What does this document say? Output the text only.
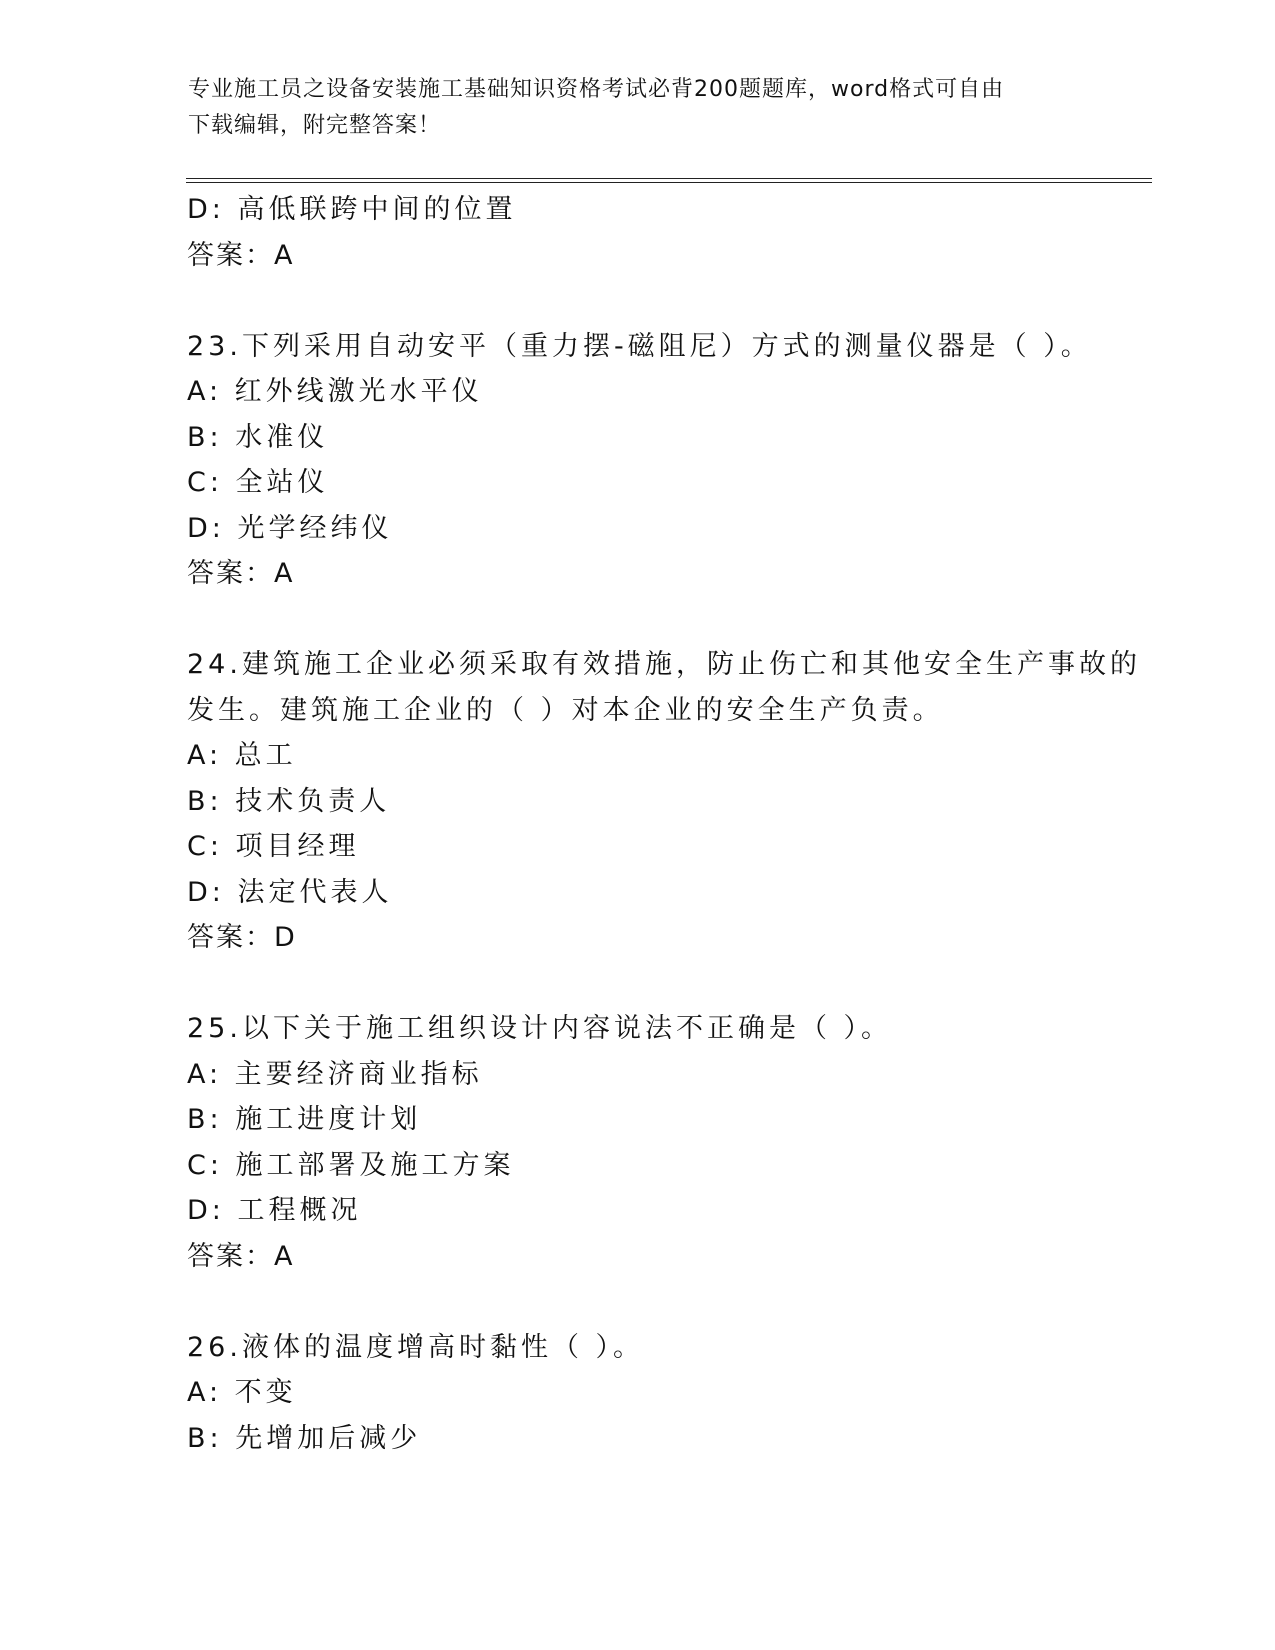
专业施工员之设备安装施工基础知识资格考试必背200题题库，word格式可自由
下载编辑，附完整答案！
D: 高低联跨中间的位置
答案：A
23.下列采用自动安平（重力摆-磁阻尼）方式的测量仪器是（ ）。
A: 红外线激光水平仪
B: 水准仪
C: 全站仪
D: 光学经纬仪
答案：A
24.建筑施工企业必须采取有效措施，防止伤亡和其他安全生产事故的
发生。建筑施工企业的（ ）对本企业的安全生产负责。
A: 总工
B: 技术负责人
C: 项目经理
D: 法定代表人
答案：D
25.以下关于施工组织设计内容说法不正确是（ ）。
A: 主要经济商业指标
B: 施工进度计划
C: 施工部署及施工方案
D: 工程概况
答案：A
26.液体的温度增高时黏性（ ）。
A: 不变
B: 先增加后减少
